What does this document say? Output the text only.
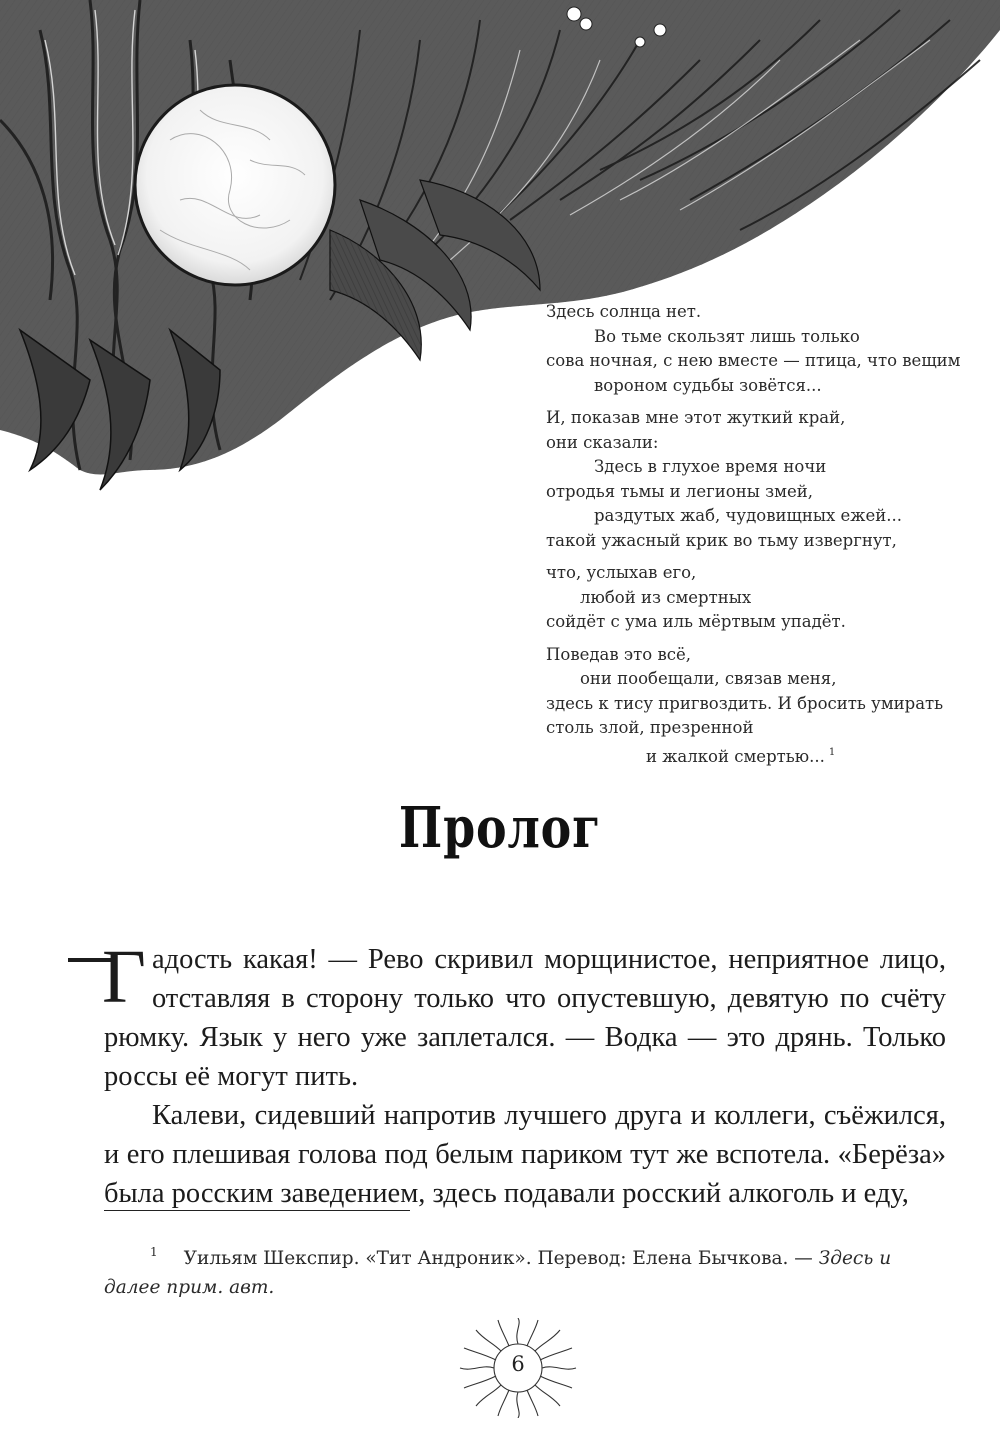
Здесь солнца нет.
Во тьме скользят лишь только
сова ночная, с нею вместе — птица, что вещим
вороном судьбы зовётся...
И, показав мне этот жуткий край,
они сказали:
Здесь в глухое время ночи
отродья тьмы и легионы змей,
раздутых жаб, чудовищных ежей...
такой ужасный крик во тьму извергнут,
что, услыхав его,
любой из смертных
сойдёт с ума иль мёртвым упадёт.
Поведав это всё,
они пообещали, связав меня,
здесь к тису пригвоздить. И бросить умирать
столь злой, презренной
и жалкой смертью... $^1$
Пролог

Гадость какая! — Рево скривил морщинистое, неприятное лицо, отставляя в сторону только что опустевшую, девятую по счёту рюмку. Язык у него уже заплетался. — Водка — это дрянь. Только россы её могут пить.

Калеви, сидевший напротив лучшего друга и коллеги, съёжился, и его плешивая голова под белым париком тут же вспотела. «Берёза» была росским заведением, здесь подавали росский алкоголь и еду,

$^1$ Уильям Шекспир. «Тит Андроник». Перевод: Елена Бычкова. — Здесь и далее прим. авт.
6
